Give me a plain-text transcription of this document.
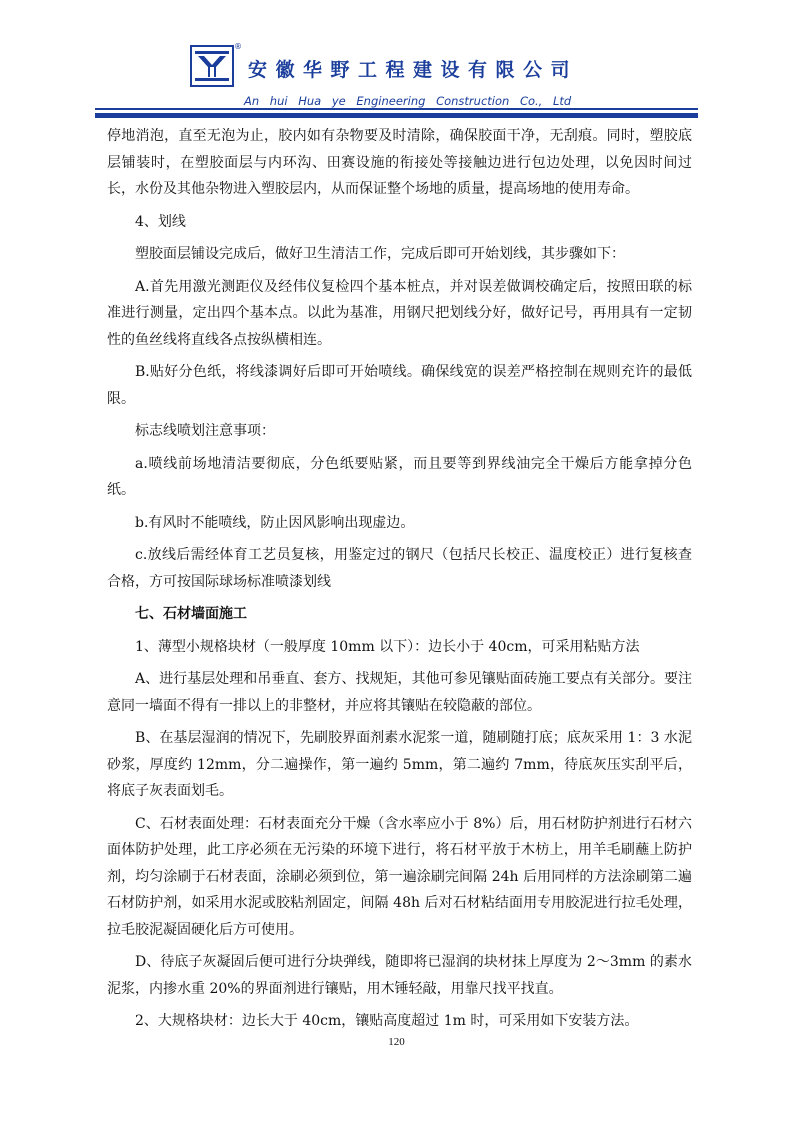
®
安徽华野工程建设有限公司
An hui Hua ye Engineering Construction Co., Ltd

停地消泡，直至无泡为止，胶内如有杂物要及时清除，确保胶面干净，无刮痕。同时，塑胶底层铺装时，在塑胶面层与内环沟、田赛设施的衔接处等接触边进行包边处理，以免因时间过长，水份及其他杂物进入塑胶层内，从而保证整个场地的质量，提高场地的使用寿命。

4、划线

塑胶面层铺设完成后，做好卫生清洁工作，完成后即可开始划线，其步骤如下：

A.首先用激光测距仪及经伟仪复检四个基本桩点，并对误差做调校确定后，按照田联的标准进行测量，定出四个基本点。以此为基准，用钢尺把划线分好，做好记号，再用具有一定韧性的鱼丝线将直线各点按纵横相连。

B.贴好分色纸，将线漆调好后即可开始喷线。确保线宽的误差严格控制在规则充许的最低限。

标志线喷划注意事项：

a.喷线前场地清洁要彻底，分色纸要贴紧，而且要等到界线油完全干燥后方能拿掉分色纸。

b.有风时不能喷线，防止因风影响出现虚边。

c.放线后需经体育工艺员复核，用鉴定过的钢尺（包括尺长校正、温度校正）进行复核查合格，方可按国际球场标准喷漆划线

七、石材墙面施工

1、薄型小规格块材（一般厚度 10mm 以下）：边长小于 40cm，可采用粘贴方法

A、进行基层处理和吊垂直、套方、找规矩，其他可参见镶贴面砖施工要点有关部分。要注意同一墙面不得有一排以上的非整材，并应将其镶贴在较隐蔽的部位。

B、在基层湿润的情况下，先刷胶界面剂素水泥浆一道，随刷随打底；底灰采用 1：3 水泥砂浆，厚度约 12mm，分二遍操作，第一遍约 5mm，第二遍约 7mm，待底灰压实刮平后，将底子灰表面划毛。

C、石材表面处理：石材表面充分干燥（含水率应小于 8%）后，用石材防护剂进行石材六面体防护处理，此工序必须在无污染的环境下进行，将石材平放于木枋上，用羊毛刷蘸上防护剂，均匀涂刷于石材表面，涂刷必须到位，第一遍涂刷完间隔 24h 后用同样的方法涂刷第二遍石材防护剂，如采用水泥或胶粘剂固定，间隔 48h 后对石材粘结面用专用胶泥进行拉毛处理，拉毛胶泥凝固硬化后方可使用。

D、待底子灰凝固后便可进行分块弹线，随即将已湿润的块材抹上厚度为 2～3mm 的素水泥浆，内掺水重 20%的界面剂进行镶贴，用木锤轻敲，用靠尺找平找直。

2、大规格块材：边长大于 40cm，镶贴高度超过 1m 时，可采用如下安装方法。

120
